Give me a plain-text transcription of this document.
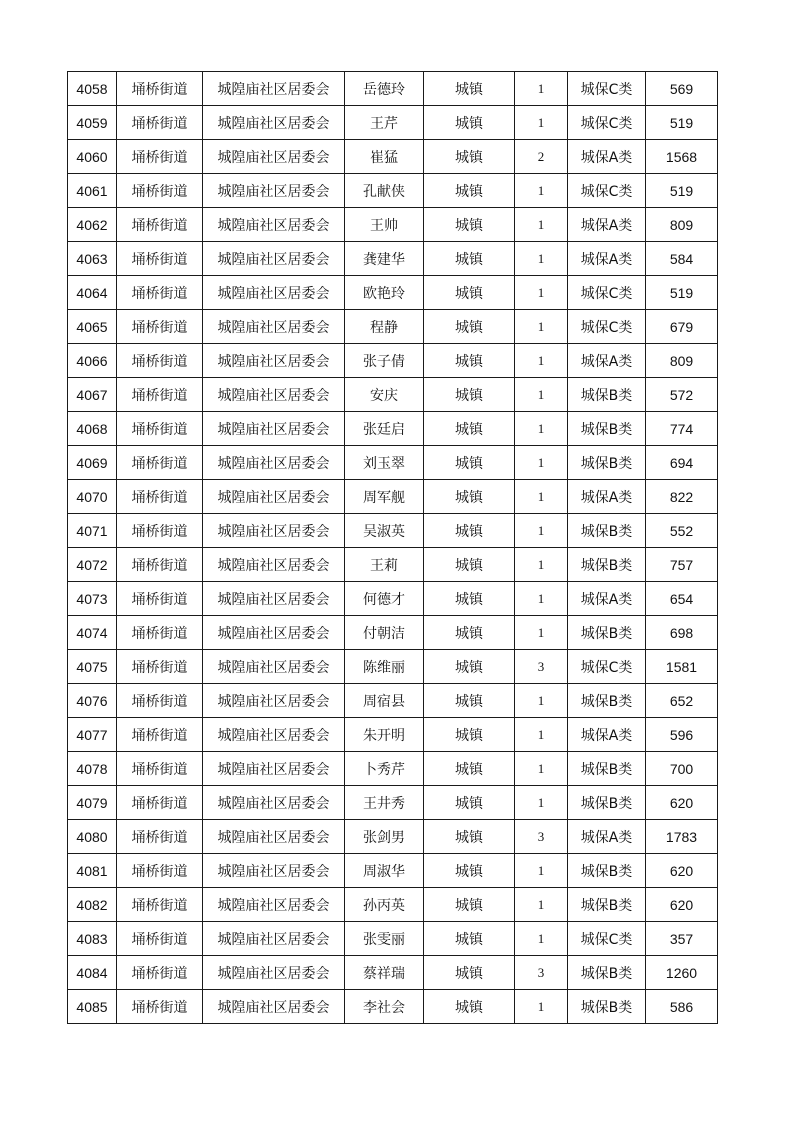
4058	埇桥街道	城隍庙社区居委会	岳德玲	城镇	1	城保C类	569
4059	埇桥街道	城隍庙社区居委会	王芹	城镇	1	城保C类	519
4060	埇桥街道	城隍庙社区居委会	崔猛	城镇	2	城保A类	1568
4061	埇桥街道	城隍庙社区居委会	孔献侠	城镇	1	城保C类	519
4062	埇桥街道	城隍庙社区居委会	王帅	城镇	1	城保A类	809
4063	埇桥街道	城隍庙社区居委会	龚建华	城镇	1	城保A类	584
4064	埇桥街道	城隍庙社区居委会	欧艳玲	城镇	1	城保C类	519
4065	埇桥街道	城隍庙社区居委会	程静	城镇	1	城保C类	679
4066	埇桥街道	城隍庙社区居委会	张子倩	城镇	1	城保A类	809
4067	埇桥街道	城隍庙社区居委会	安庆	城镇	1	城保B类	572
4068	埇桥街道	城隍庙社区居委会	张廷启	城镇	1	城保B类	774
4069	埇桥街道	城隍庙社区居委会	刘玉翠	城镇	1	城保B类	694
4070	埇桥街道	城隍庙社区居委会	周军舰	城镇	1	城保A类	822
4071	埇桥街道	城隍庙社区居委会	吴淑英	城镇	1	城保B类	552
4072	埇桥街道	城隍庙社区居委会	王莉	城镇	1	城保B类	757
4073	埇桥街道	城隍庙社区居委会	何德才	城镇	1	城保A类	654
4074	埇桥街道	城隍庙社区居委会	付朝洁	城镇	1	城保B类	698
4075	埇桥街道	城隍庙社区居委会	陈维丽	城镇	3	城保C类	1581
4076	埇桥街道	城隍庙社区居委会	周宿县	城镇	1	城保B类	652
4077	埇桥街道	城隍庙社区居委会	朱开明	城镇	1	城保A类	596
4078	埇桥街道	城隍庙社区居委会	卜秀芹	城镇	1	城保B类	700
4079	埇桥街道	城隍庙社区居委会	王井秀	城镇	1	城保B类	620
4080	埇桥街道	城隍庙社区居委会	张剑男	城镇	3	城保A类	1783
4081	埇桥街道	城隍庙社区居委会	周淑华	城镇	1	城保B类	620
4082	埇桥街道	城隍庙社区居委会	孙丙英	城镇	1	城保B类	620
4083	埇桥街道	城隍庙社区居委会	张雯丽	城镇	1	城保C类	357
4084	埇桥街道	城隍庙社区居委会	蔡祥瑞	城镇	3	城保B类	1260
4085	埇桥街道	城隍庙社区居委会	李社会	城镇	1	城保B类	586
